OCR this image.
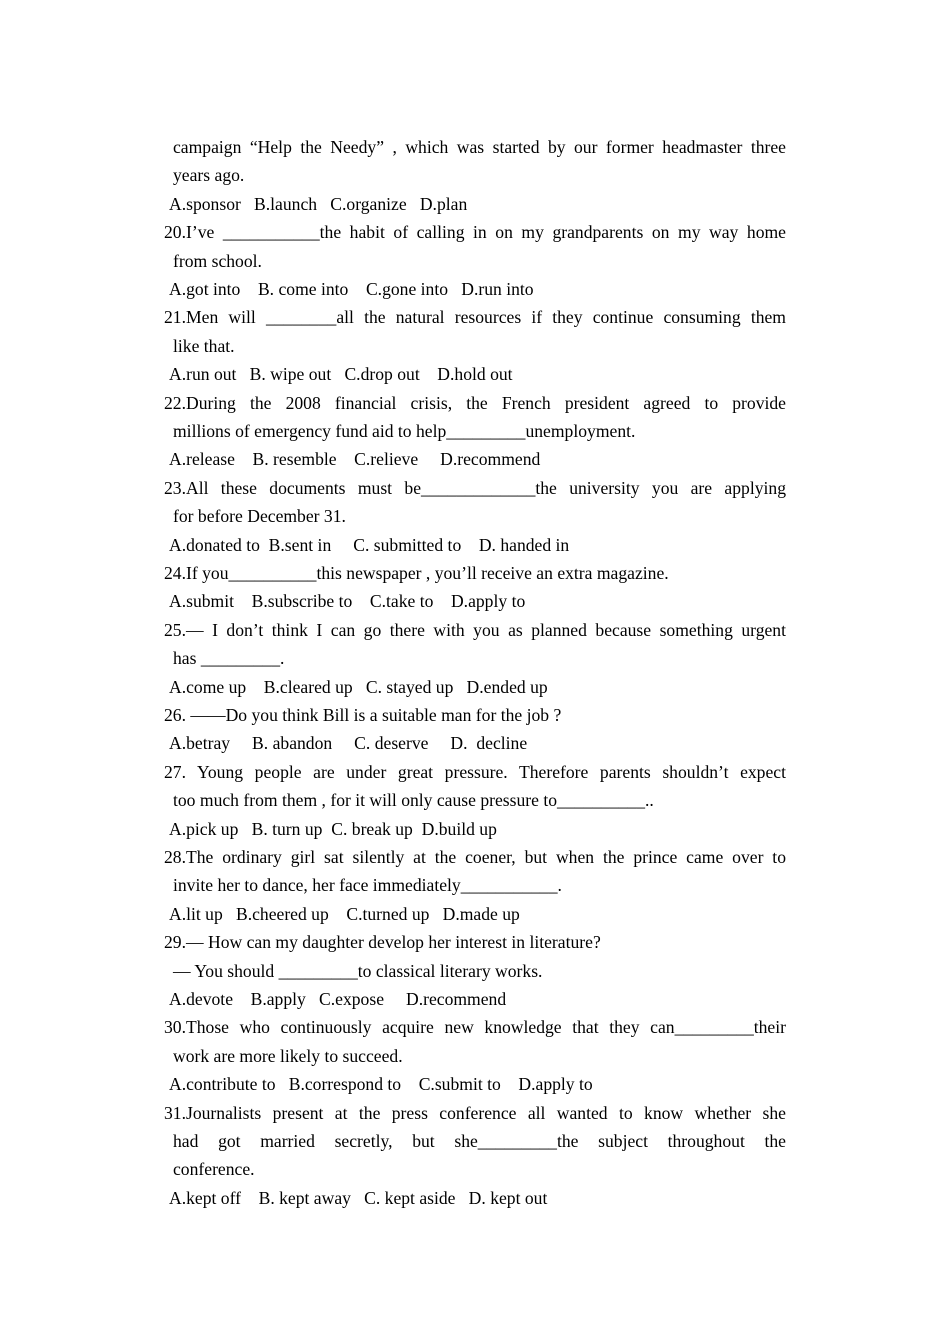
campaign “Help the Needy” , which was started by our former headmaster three
years ago.
A.sponsor   B.launch   C.organize   D.plan
20.I’ve ___________the habit of calling in on my grandparents on my way home
from school.
A.got into    B. come into    C.gone into   D.run into
21.Men will ________all the natural resources if they continue consuming them
like that.
A.run out   B. wipe out   C.drop out    D.hold out
22.During the 2008 financial crisis, the French president agreed to provide
millions of emergency fund aid to help_________unemployment.
A.release    B. resemble    C.relieve     D.recommend
23.All these documents must be_____________the university you are applying
for before December 31.
A.donated to  B.sent in     C. submitted to    D. handed in
24.If you__________this newspaper , you’ll receive an extra magazine.
A.submit    B.subscribe to    C.take to    D.apply to
25.— I don’t think I can go there with you as planned because something urgent
has _________.
A.come up    B.cleared up   C. stayed up   D.ended up
26. ——Do you think Bill is a suitable man for the job ?
A.betray     B. abandon     C. deserve     D.  decline
27. Young people are under great pressure. Therefore parents shouldn’t expect
too much from them , for it will only cause pressure to__________..
A.pick up   B. turn up  C. break up  D.build up
28.The ordinary girl sat silently at the coener, but when the prince came over to
invite her to dance, her face immediately___________.
A.lit up   B.cheered up    C.turned up   D.made up
29.— How can my daughter develop her interest in literature?
— You should _________to classical literary works.
A.devote    B.apply   C.expose     D.recommend
30.Those who continuously acquire new knowledge that they can_________their
work are more likely to succeed.
A.contribute to   B.correspond to    C.submit to    D.apply to
31.Journalists present at the press conference all wanted to know whether she
had got married secretly, but she_________the subject throughout the
conference.
A.kept off    B. kept away   C. kept aside   D. kept out
